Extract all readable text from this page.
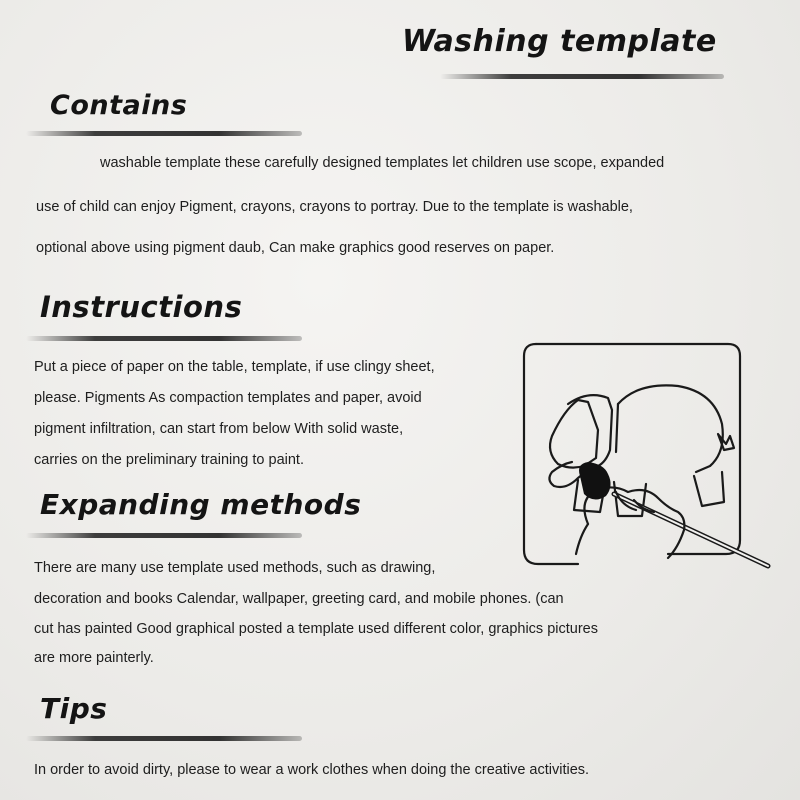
Washing template
Contains
washable template these carefully designed templates let children use scope, expanded
use of child can enjoy Pigment, crayons, crayons to portray. Due to the template is washable,
optional above using pigment daub, Can make graphics good reserves on paper.
Instructions
Put a piece of paper on the table, template, if use clingy sheet,
please. Pigments As compaction templates and paper, avoid
pigment infiltration, can start from below With solid waste,
carries on the preliminary training to paint.
Expanding methods
There are many use template used methods, such as drawing,
decoration and books Calendar, wallpaper, greeting card, and mobile phones. (can
cut has painted Good graphical posted a template used different color, graphics pictures
are more painterly.
Tips
In order to avoid dirty, please to wear a work clothes when doing the creative activities.
